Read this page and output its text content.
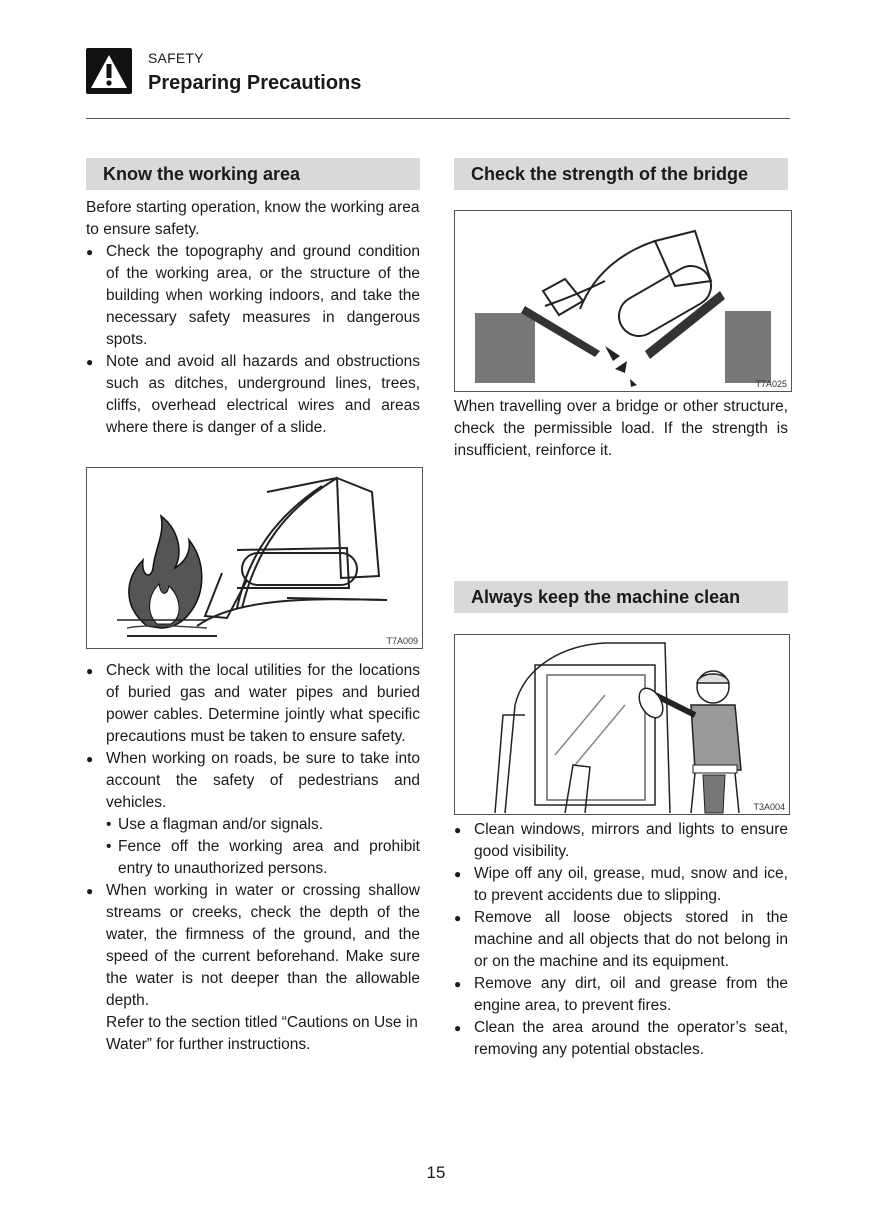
SAFETY
Preparing Precautions
Know the working area
Before starting operation, know the working area to ensure safety.
● Check the topography and ground condition of the working area, or the structure of the building when working indoors, and take the necessary safety measures in dangerous spots.
● Note and avoid all hazards and obstructions such as ditches, underground lines, trees, cliffs, overhead electrical wires and areas where there is danger of a slide.
T7A009
● Check with the local utilities for the locations of buried gas and water pipes and buried power cables. Determine jointly what specific precautions must be taken to ensure safety.
● When working on roads, be sure to take into account the safety of pedestrians and vehicles.
• Use a flagman and/or signals.
• Fence off the working area and prohibit entry to unauthorized persons.
● When working in water or crossing shallow streams or creeks, check the depth of the water, the firmness of the ground, and the speed of the current beforehand. Make sure the water is not deeper than the allowable depth.
Refer to the section titled “Cautions on Use in Water” for further instructions.
Check the strength of the bridge
T7A025
When travelling over a bridge or other structure, check the permissible load. If the strength is insufficient, reinforce it.
Always keep the machine clean
T3A004
● Clean windows, mirrors and lights to ensure good visibility.
● Wipe off any oil, grease, mud, snow and ice, to prevent accidents due to slipping.
● Remove all loose objects stored in the machine and all objects that do not belong in or on the machine and its equipment.
● Remove any dirt, oil and grease from the engine area, to prevent fires.
● Clean the area around the operator’s seat, removing any potential obstacles.
15
